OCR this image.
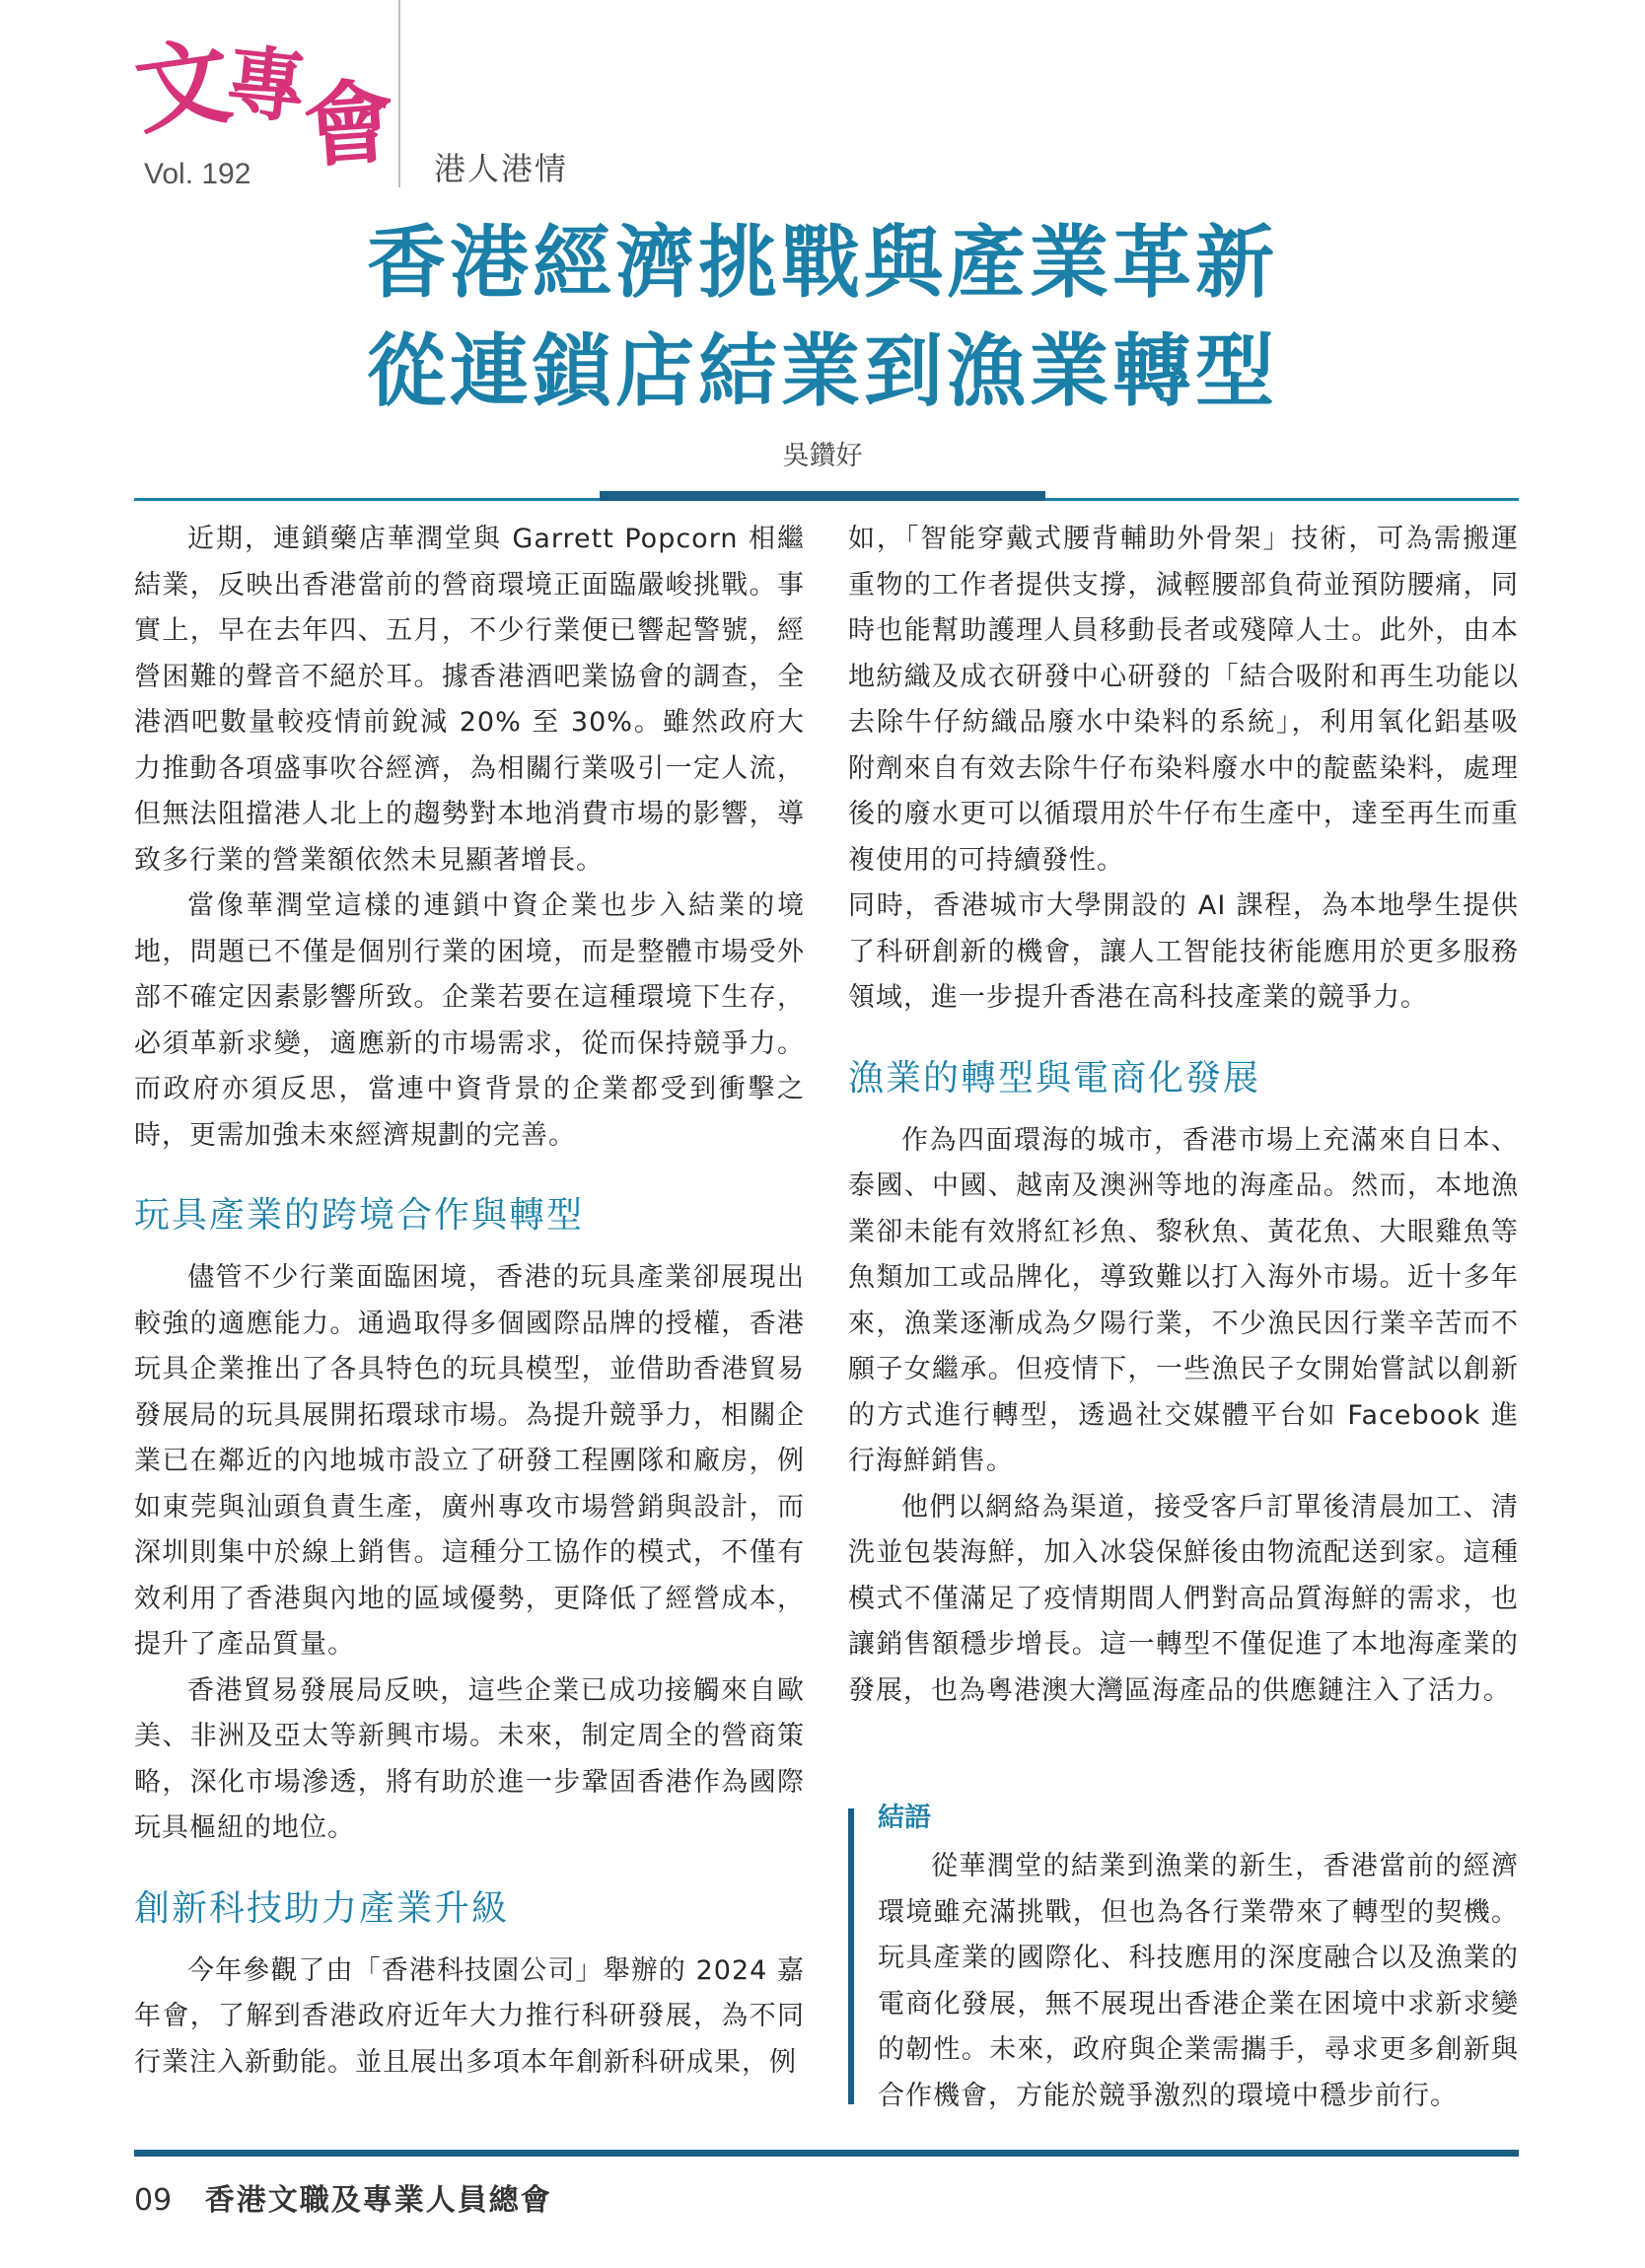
文
專
會
Vol. 192	港人港情
香港經濟挑戰與產業革新
從連鎖店結業到漁業轉型
吳鑽好

近期，連鎖藥店華潤堂與 Garrett Popcorn 相繼結業，反映出香港當前的營商環境正面臨嚴峻挑戰。事實上，早在去年四、五月，不少行業便已響起警號，經營困難的聲音不絕於耳。據香港酒吧業協會的調查，全港酒吧數量較疫情前銳減 20% 至 30%。雖然政府大力推動各項盛事吹谷經濟，為相關行業吸引一定人流，但無法阻擋港人北上的趨勢對本地消費市場的影響，導致多行業的營業額依然未見顯著增長。

當像華潤堂這樣的連鎖中資企業也步入結業的境地，問題已不僅是個別行業的困境，而是整體市場受外部不確定因素影響所致。企業若要在這種環境下生存，必須革新求變，適應新的市場需求，從而保持競爭力。而政府亦須反思，當連中資背景的企業都受到衝擊之時，更需加強未來經濟規劃的完善。

玩具產業的跨境合作與轉型

儘管不少行業面臨困境，香港的玩具產業卻展現出較強的適應能力。通過取得多個國際品牌的授權，香港玩具企業推出了各具特色的玩具模型，並借助香港貿易發展局的玩具展開拓環球市場。為提升競爭力，相關企業已在鄰近的內地城市設立了研發工程團隊和廠房，例如東莞與汕頭負責生產，廣州專攻市場營銷與設計，而深圳則集中於線上銷售。這種分工協作的模式，不僅有效利用了香港與內地的區域優勢，更降低了經營成本，提升了產品質量。

香港貿易發展局反映，這些企業已成功接觸來自歐美、非洲及亞太等新興市場。未來，制定周全的營商策略，深化市場滲透，將有助於進一步鞏固香港作為國際玩具樞紐的地位。

創新科技助力產業升級

今年參觀了由「香港科技園公司」舉辦的 2024 嘉年會，了解到香港政府近年大力推行科研發展，為不同行業注入新動能。並且展出多項本年創新科研成果，例

如，「智能穿戴式腰背輔助外骨架」技術，可為需搬運重物的工作者提供支撐，減輕腰部負荷並預防腰痛，同時也能幫助護理人員移動長者或殘障人士。此外，由本地紡織及成衣研發中心研發的「結合吸附和再生功能以去除牛仔紡織品廢水中染料的系統」，利用氧化鋁基吸附劑來自有效去除牛仔布染料廢水中的靛藍染料，處理後的廢水更可以循環用於牛仔布生產中，達至再生而重複使用的可持續發性。

同時，香港城市大學開設的 AI 課程，為本地學生提供了科研創新的機會，讓人工智能技術能應用於更多服務領域，進一步提升香港在高科技產業的競爭力。

漁業的轉型與電商化發展

作為四面環海的城市，香港市場上充滿來自日本、泰國、中國、越南及澳洲等地的海產品。然而，本地漁業卻未能有效將紅衫魚、黎秋魚、黃花魚、大眼雞魚等魚類加工或品牌化，導致難以打入海外市場。近十多年來，漁業逐漸成為夕陽行業，不少漁民因行業辛苦而不願子女繼承。但疫情下，一些漁民子女開始嘗試以創新的方式進行轉型，透過社交媒體平台如 Facebook 進行海鮮銷售。

他們以網絡為渠道，接受客戶訂單後清晨加工、清洗並包裝海鮮，加入冰袋保鮮後由物流配送到家。這種模式不僅滿足了疫情期間人們對高品質海鮮的需求，也讓銷售額穩步增長。這一轉型不僅促進了本地海產業的發展，也為粵港澳大灣區海產品的供應鏈注入了活力。

結語

從華潤堂的結業到漁業的新生，香港當前的經濟環境雖充滿挑戰，但也為各行業帶來了轉型的契機。玩具產業的國際化、科技應用的深度融合以及漁業的電商化發展，無不展現出香港企業在困境中求新求變的韌性。未來，政府與企業需攜手，尋求更多創新與合作機會，方能於競爭激烈的環境中穩步前行。

09 香港文職及專業人員總會
